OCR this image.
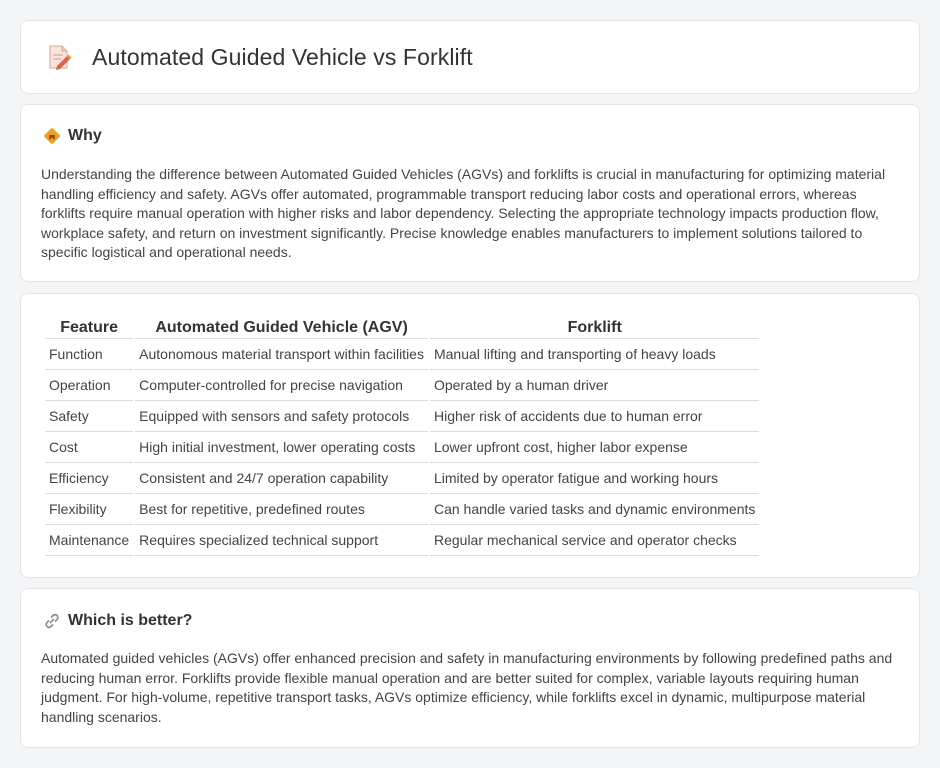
Automated Guided Vehicle vs Forklift
Why

Understanding the difference between Automated Guided Vehicles (AGVs) and forklifts is crucial in manufacturing for optimizing material handling efficiency and safety. AGVs offer automated, programmable transport reducing labor costs and operational errors, whereas forklifts require manual operation with higher risks and labor dependency. Selecting the appropriate technology impacts production flow, workplace safety, and return on investment significantly. Precise knowledge enables manufacturers to implement solutions tailored to specific logistical and operational needs.

Feature	Automated Guided Vehicle (AGV)	Forklift
Function	Autonomous material transport within facilities	Manual lifting and transporting of heavy loads
Operation	Computer-controlled for precise navigation	Operated by a human driver
Safety	Equipped with sensors and safety protocols	Higher risk of accidents due to human error
Cost	High initial investment, lower operating costs	Lower upfront cost, higher labor expense
Efficiency	Consistent and 24/7 operation capability	Limited by operator fatigue and working hours
Flexibility	Best for repetitive, predefined routes	Can handle varied tasks and dynamic environments
Maintenance	Requires specialized technical support	Regular mechanical service and operator checks
Which is better?

Automated guided vehicles (AGVs) offer enhanced precision and safety in manufacturing environments by following predefined paths and reducing human error. Forklifts provide flexible manual operation and are better suited for complex, variable layouts requiring human judgment. For high-volume, repetitive transport tasks, AGVs optimize efficiency, while forklifts excel in dynamic, multipurpose material handling scenarios.
